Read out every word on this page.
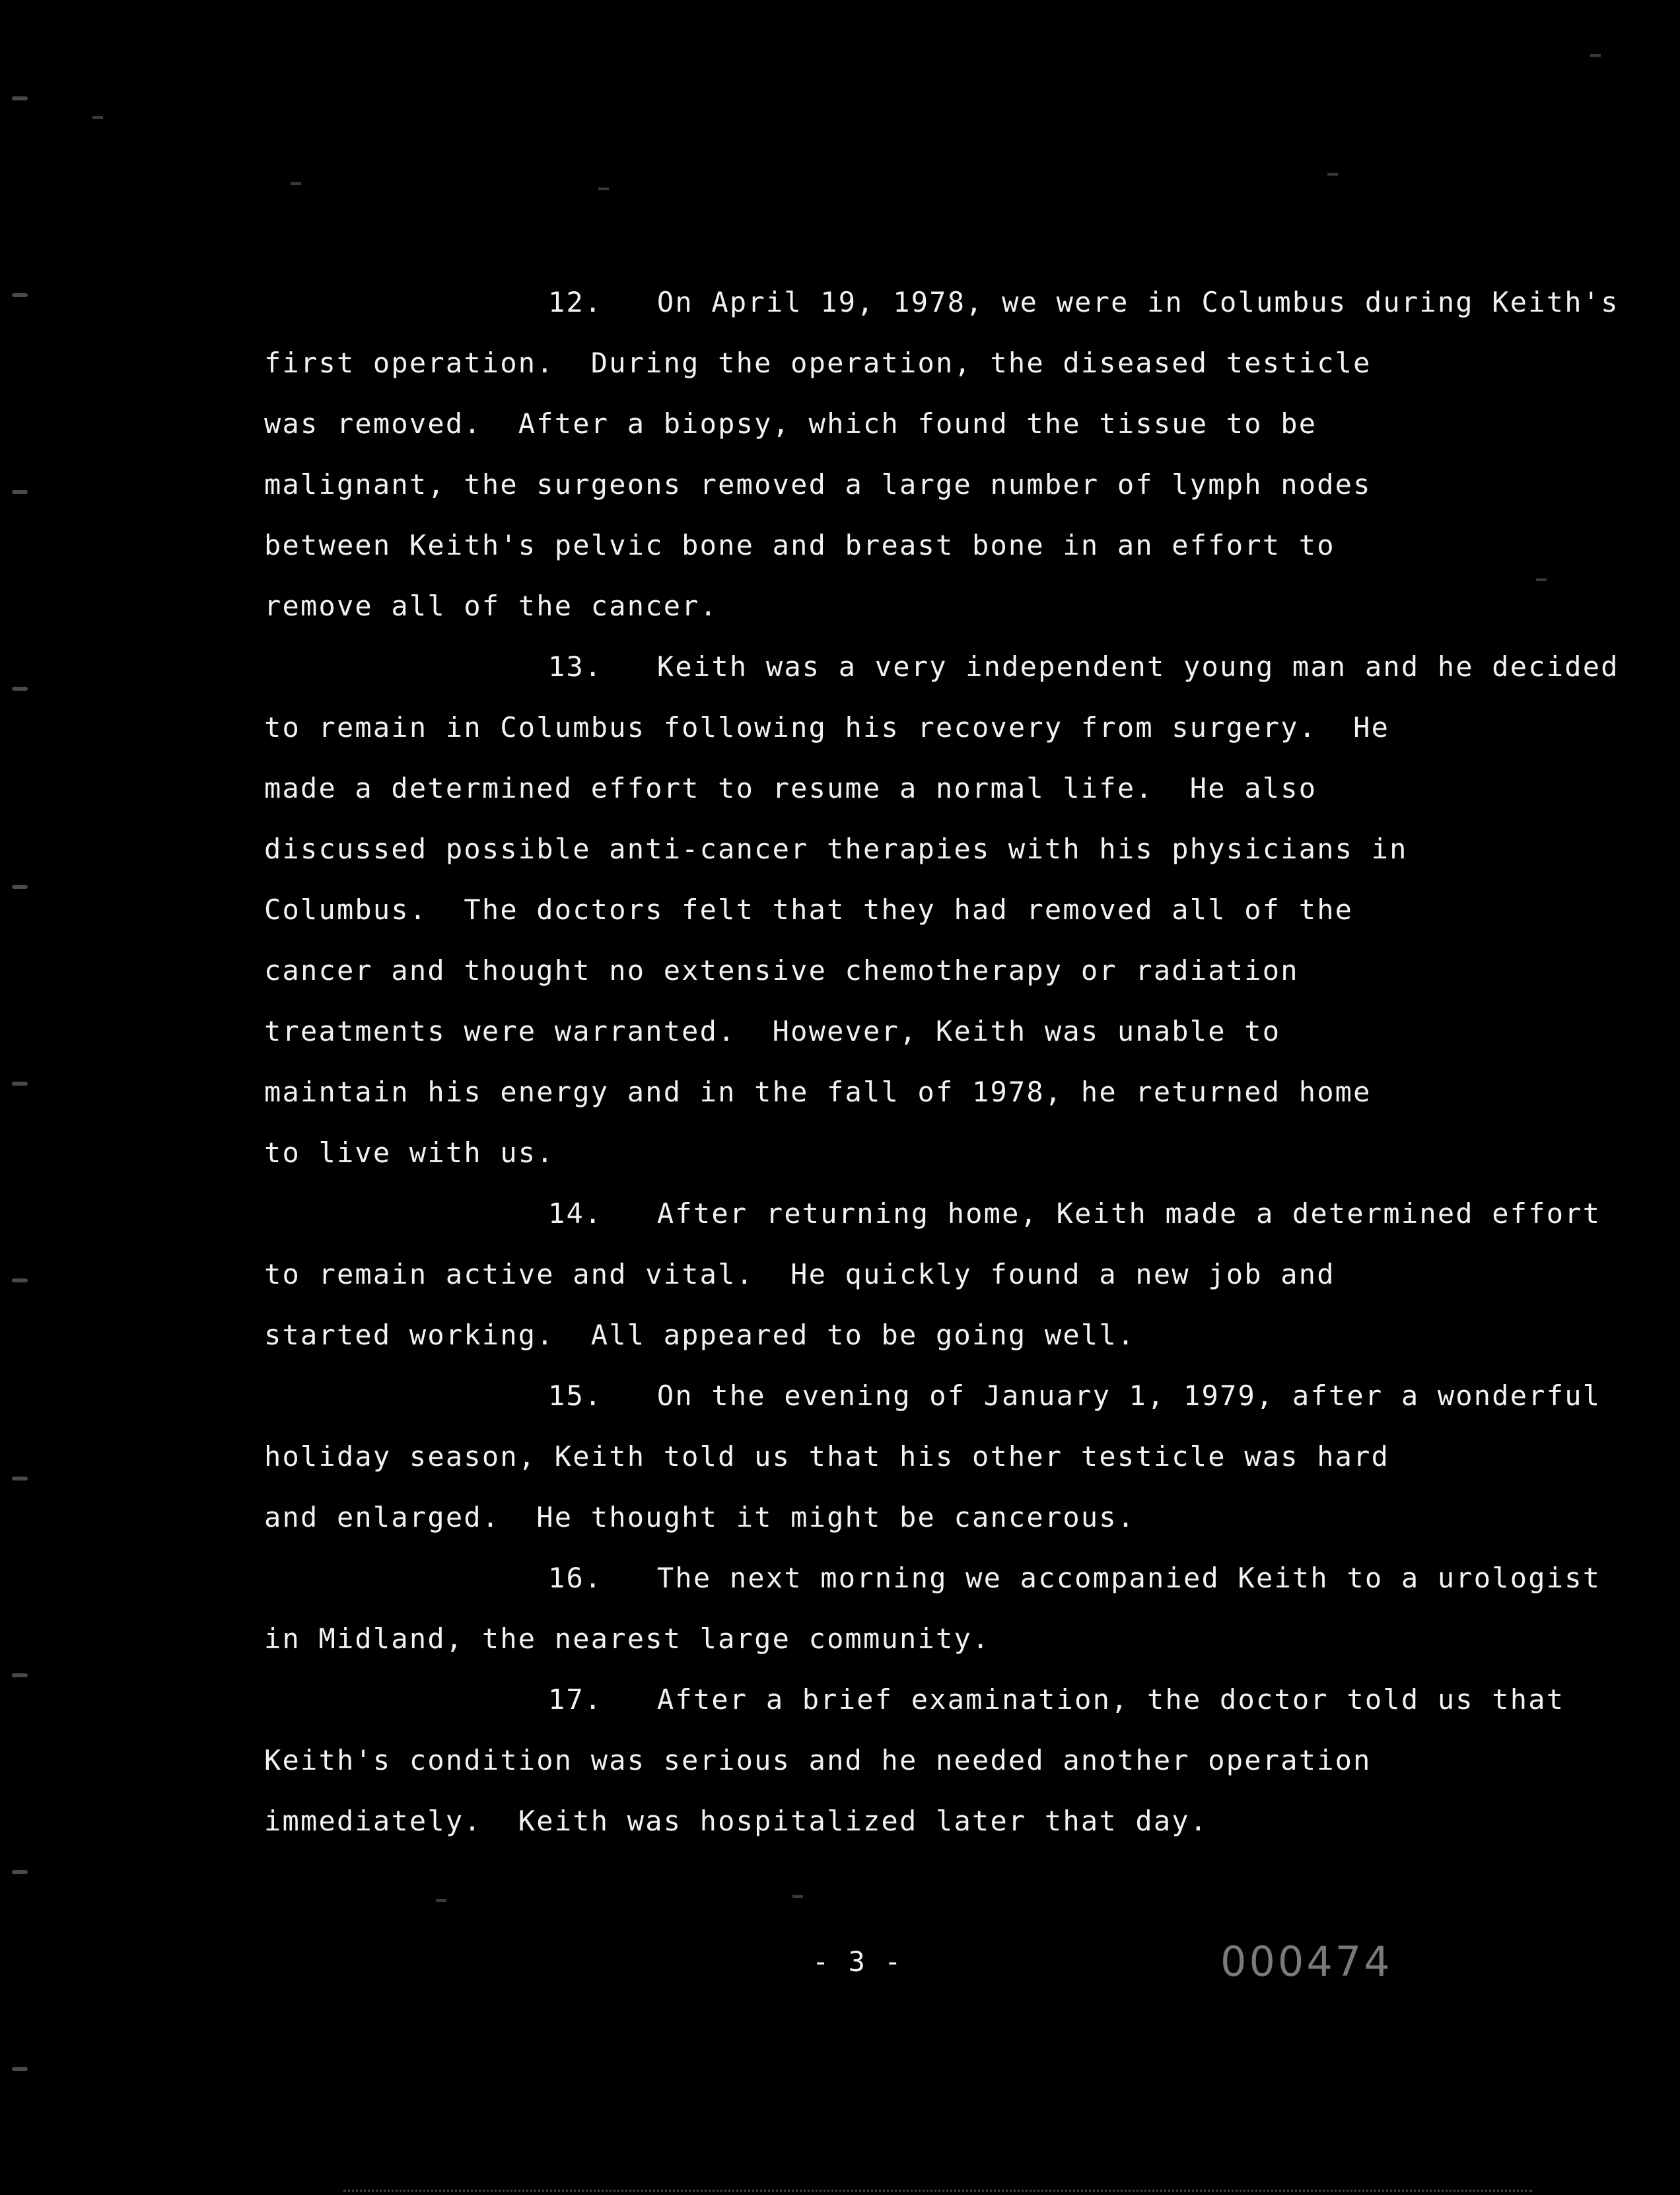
12.   On April 19, 1978, we were in Columbus during Keith's
first operation.  During the operation, the diseased testicle
was removed.  After a biopsy, which found the tissue to be
malignant, the surgeons removed a large number of lymph nodes
between Keith's pelvic bone and breast bone in an effort to
remove all of the cancer.

13.   Keith was a very independent young man and he decided
to remain in Columbus following his recovery from surgery.  He
made a determined effort to resume a normal life.  He also
discussed possible anti-cancer therapies with his physicians in
Columbus.  The doctors felt that they had removed all of the
cancer and thought no extensive chemotherapy or radiation
treatments were warranted.  However, Keith was unable to
maintain his energy and in the fall of 1978, he returned home
to live with us.

14.   After returning home, Keith made a determined effort
to remain active and vital.  He quickly found a new job and
started working.  All appeared to be going well.

15.   On the evening of January 1, 1979, after a wonderful
holiday season, Keith told us that his other testicle was hard
and enlarged.  He thought it might be cancerous.

16.   The next morning we accompanied Keith to a urologist
in Midland, the nearest large community.

17.   After a brief examination, the doctor told us that
Keith's condition was serious and he needed another operation
immediately.  Keith was hospitalized later that day.

- 3 -	000474
